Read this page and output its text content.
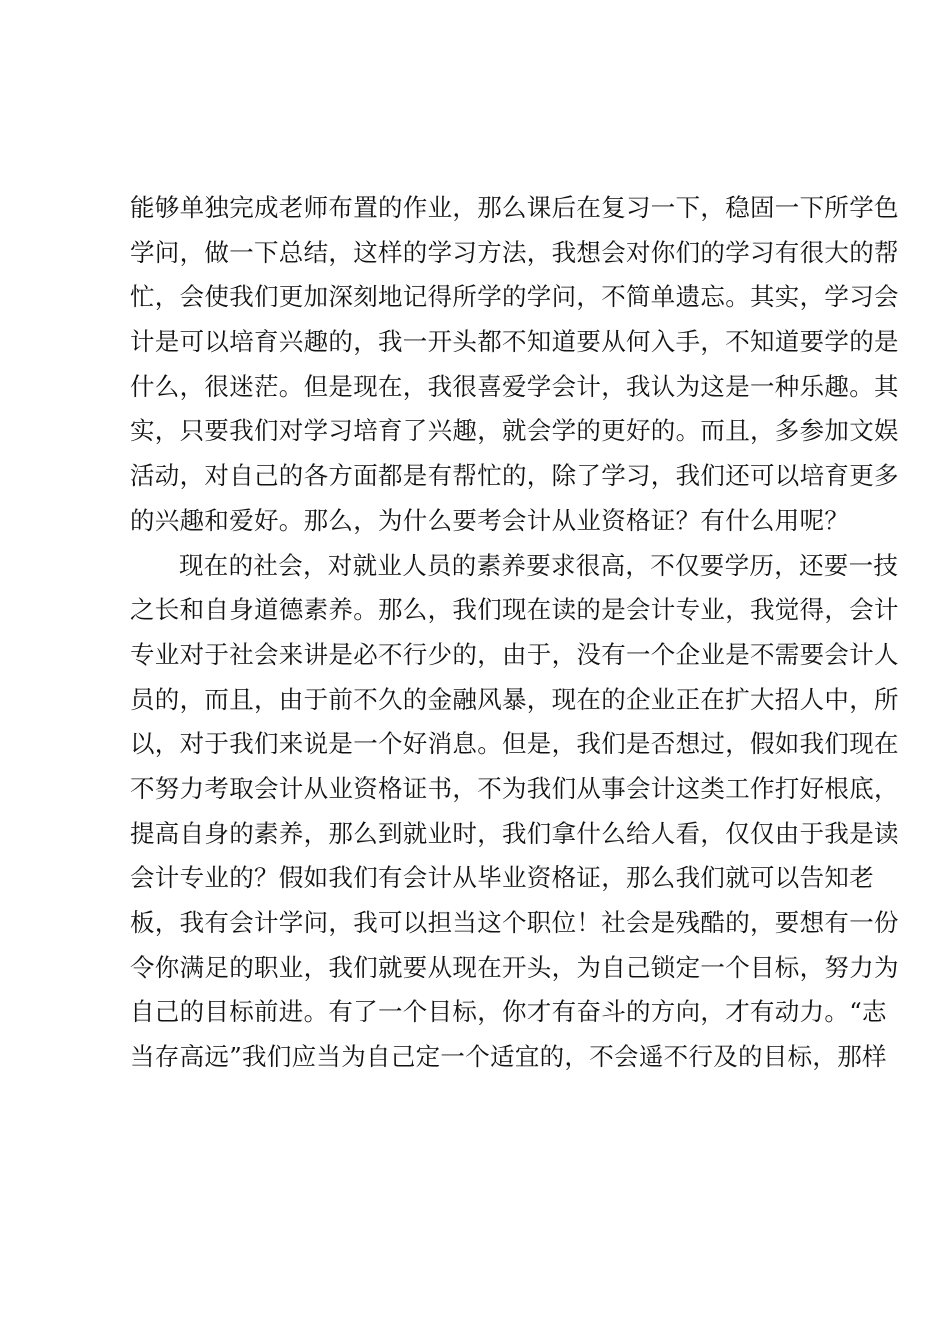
能够单独完成老师布置的作业，那么课后在复习一下，稳固一下所学色
学问，做一下总结，这样的学习方法，我想会对你们的学习有很大的帮
忙，会使我们更加深刻地记得所学的学问，不简单遗忘。其实，学习会
计是可以培育兴趣的，我一开头都不知道要从何入手，不知道要学的是
什么，很迷茫。但是现在，我很喜爱学会计，我认为这是一种乐趣。其
实，只要我们对学习培育了兴趣，就会学的更好的。而且，多参加文娱
活动，对自己的各方面都是有帮忙的，除了学习，我们还可以培育更多
的兴趣和爱好。那么，为什么要考会计从业资格证？有什么用呢？
现在的社会，对就业人员的素养要求很高，不仅要学历，还要一技
之长和自身道德素养。那么，我们现在读的是会计专业，我觉得，会计
专业对于社会来讲是必不行少的，由于，没有一个企业是不需要会计人
员的，而且，由于前不久的金融风暴，现在的企业正在扩大招人中，所
以，对于我们来说是一个好消息。但是，我们是否想过，假如我们现在
不努力考取会计从业资格证书，不为我们从事会计这类工作打好根底，
提高自身的素养，那么到就业时，我们拿什么给人看，仅仅由于我是读
会计专业的？假如我们有会计从毕业资格证，那么我们就可以告知老
板，我有会计学问，我可以担当这个职位！社会是残酷的，要想有一份
令你满足的职业，我们就要从现在开头，为自己锁定一个目标，努力为
自己的目标前进。有了一个目标，你才有奋斗的方向，才有动力。“志
当存高远”我们应当为自己定一个适宜的，不会遥不行及的目标，那样
